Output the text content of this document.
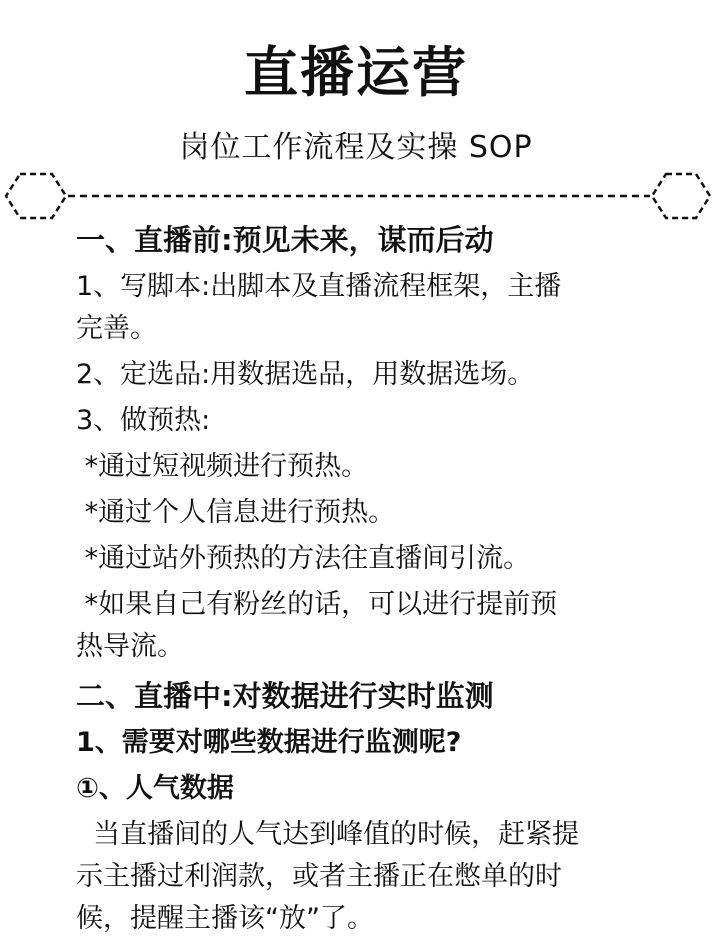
直播运营
岗位工作流程及实操 SOP
一、直播前:预见未来，谋而后动
1、写脚本:出脚本及直播流程框架，主播
完善。
2、定选品:用数据选品，用数据选场。
3、做预热:
*通过短视频进行预热。
*通过个人信息进行预热。
*通过站外预热的方法往直播间引流。
*如果自己有粉丝的话，可以进行提前预
热导流。
二、直播中:对数据进行实时监测
1、需要对哪些数据进行监测呢?
①、人气数据
当直播间的人气达到峰值的时候，赶紧提
示主播过利润款，或者主播正在憋单的时
候，提醒主播该“放”了。
